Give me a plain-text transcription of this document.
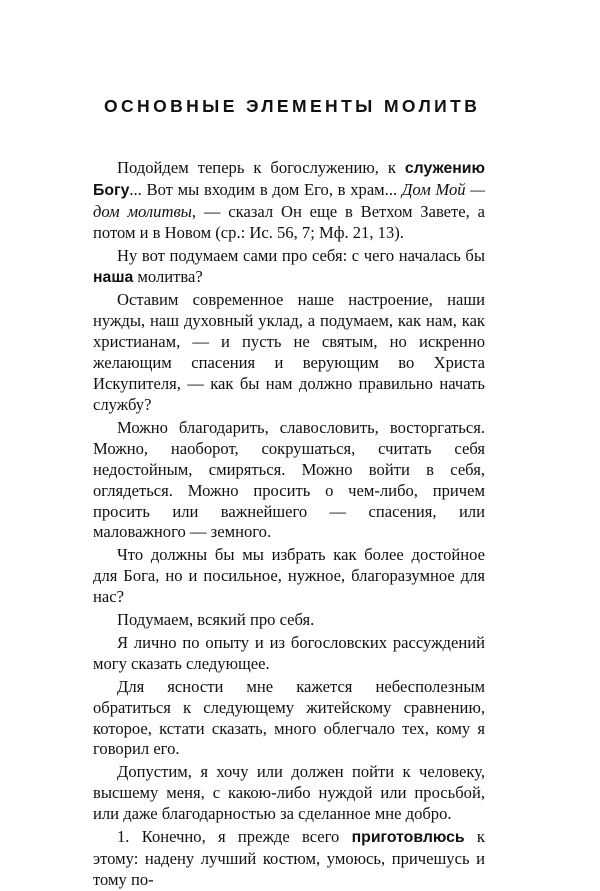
ОСНОВНЫЕ ЭЛЕМЕНТЫ МОЛИТВ

Подойдем теперь к богослужению, к служению Богу... Вот мы входим в дом Его, в храм... Дом Мой — дом молитвы, — сказал Он еще в Ветхом Завете, а потом и в Новом (ср.: Ис. 56, 7; Мф. 21, 13).

Ну вот подумаем сами про себя: с чего началась бы наша молитва?

Оставим современное наше настроение, наши нужды, наш духовный уклад, а подумаем, как нам, как христианам, — и пусть не святым, но искренно желающим спасения и верующим во Христа Искупителя, — как бы нам должно правильно начать службу?

Можно благодарить, славословить, восторгаться. Можно, наоборот, сокрушаться, считать себя недостойным, смиряться. Можно войти в себя, оглядеться. Можно просить о чем-либо, причем просить или важнейшего — спасения, или маловажного — земного.

Что должны бы мы избрать как более достойное для Бога, но и посильное, нужное, благоразумное для нас?

Подумаем, всякий про себя.

Я лично по опыту и из богословских рассуждений могу сказать следующее.

Для ясности мне кажется небесполезным обратиться к следующему житейскому сравнению, которое, кстати сказать, много облегчало тех, кому я говорил его.

Допустим, я хочу или должен пойти к человеку, высшему меня, с какою-либо нуждой или просьбой, или даже благодарностью за сделанное мне добро.

1. Конечно, я прежде всего приготовлюсь к этому: надену лучший костюм, умоюсь, причешусь и тому по-
